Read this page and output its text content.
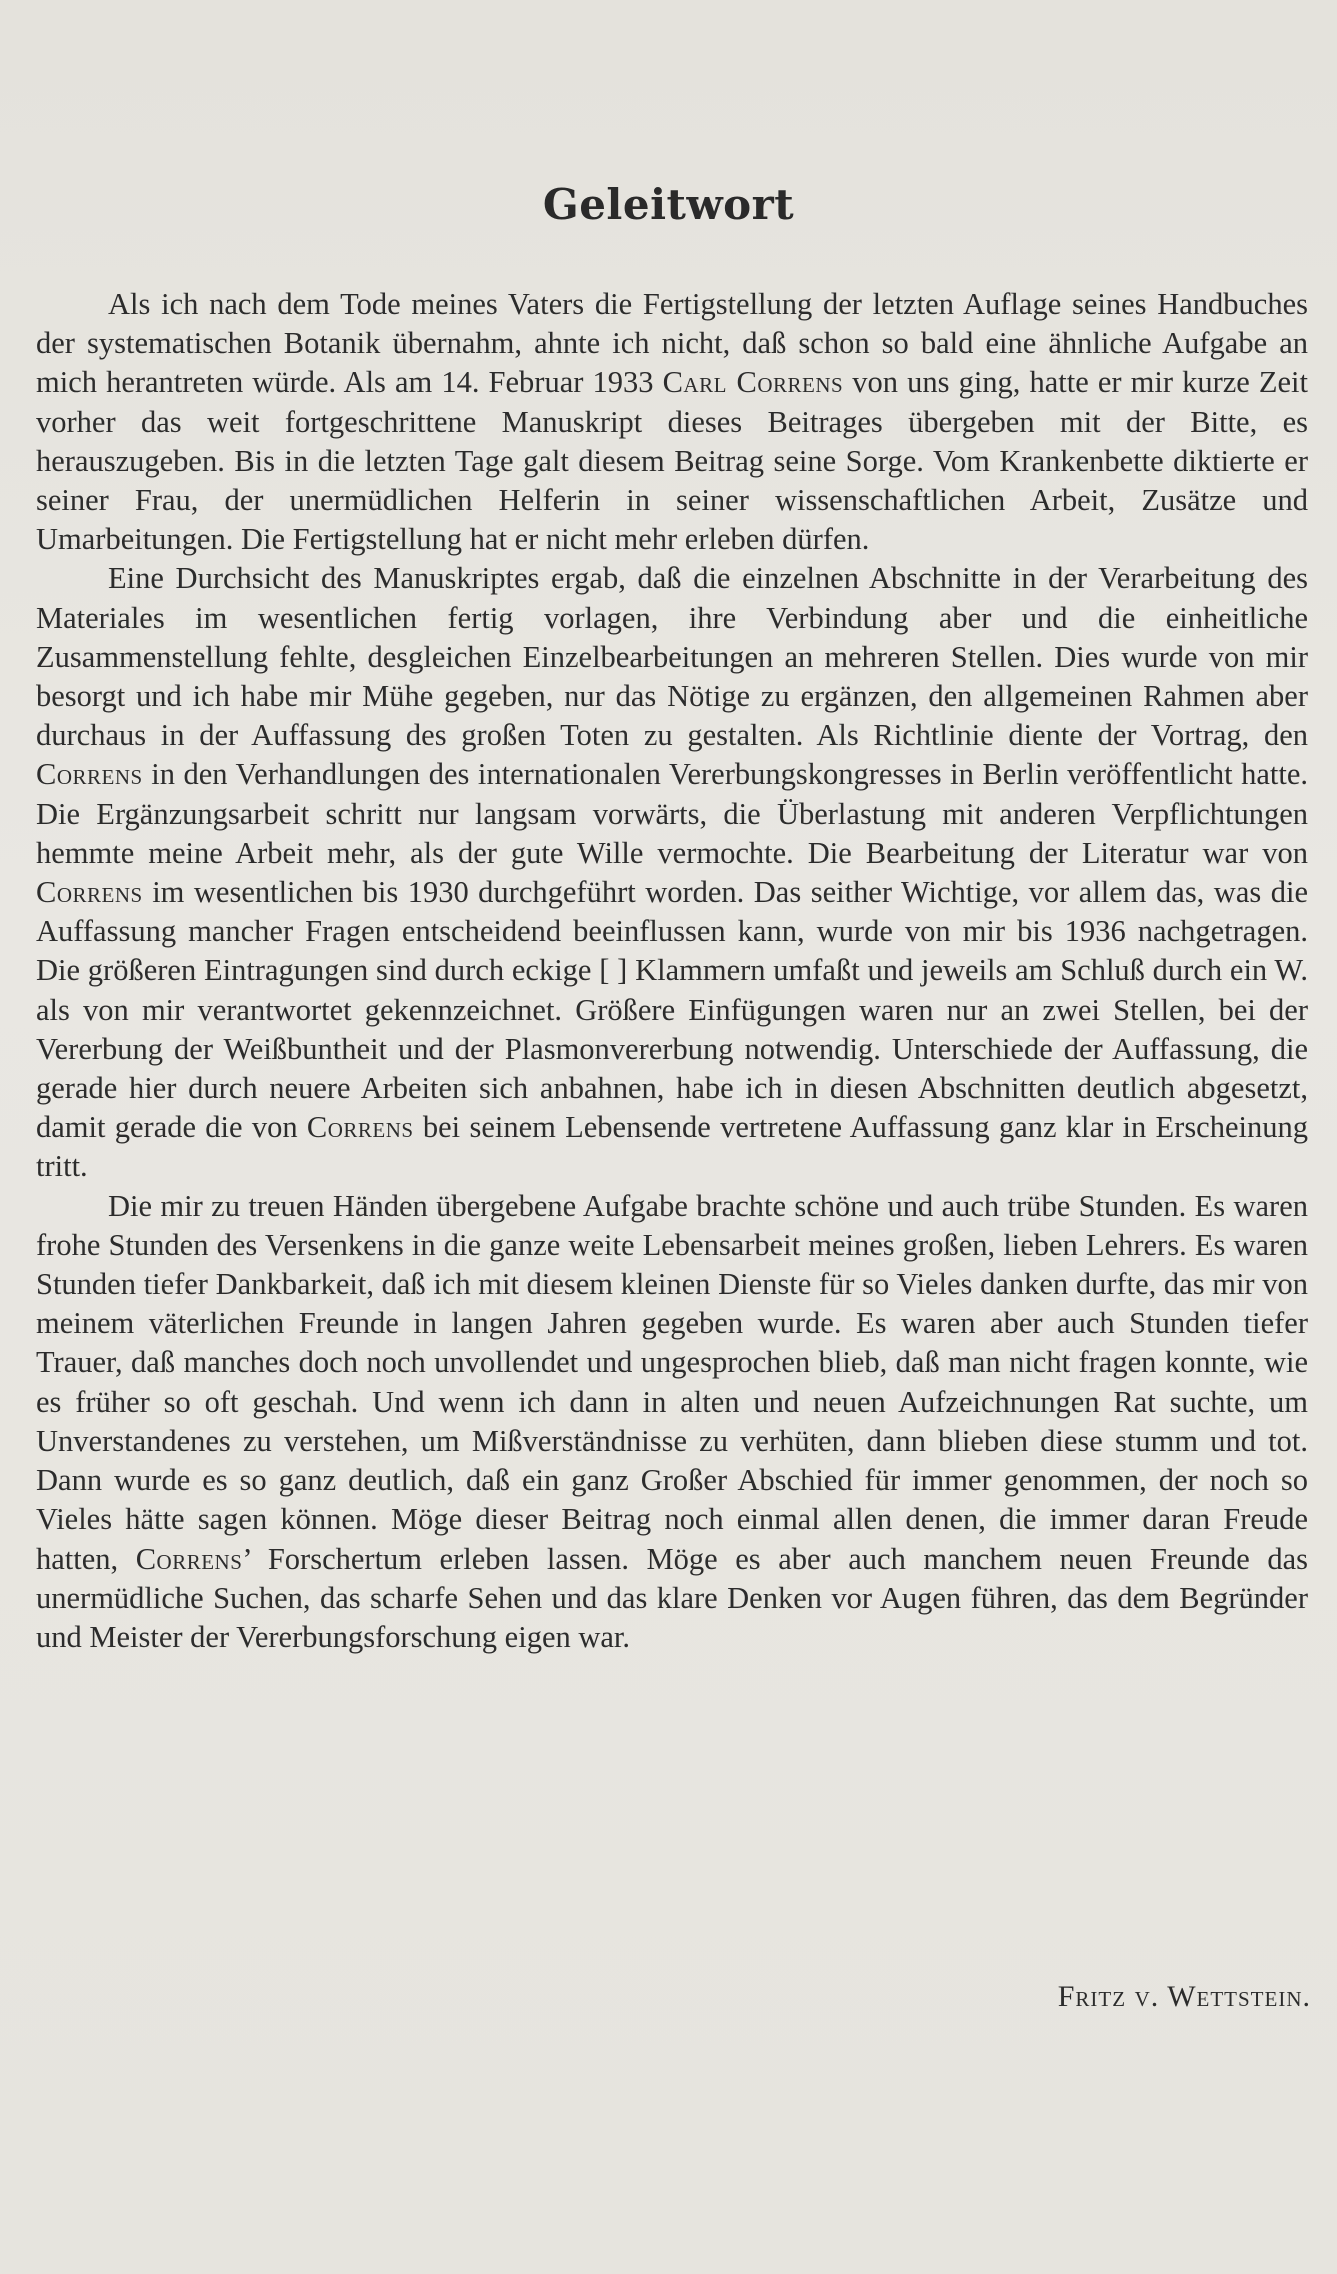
Geleitwort

Als ich nach dem Tode meines Vaters die Fertigstellung der letzten Auflage seines Handbuches der systematischen Botanik übernahm, ahnte ich nicht, daß schon so bald eine ähnliche Aufgabe an mich herantreten würde. Als am 14. Februar 1933 Carl Correns von uns ging, hatte er mir kurze Zeit vorher das weit fortgeschrittene Manuskript dieses Beitrages übergeben mit der Bitte, es herauszugeben. Bis in die letzten Tage galt diesem Beitrag seine Sorge. Vom Krankenbette diktierte er seiner Frau, der unermüdlichen Helferin in seiner wissenschaftlichen Arbeit, Zusätze und Umarbeitungen. Die Fertigstellung hat er nicht mehr erleben dürfen.

Eine Durchsicht des Manuskriptes ergab, daß die einzelnen Abschnitte in der Verarbeitung des Materiales im wesentlichen fertig vorlagen, ihre Verbindung aber und die einheitliche Zusammenstellung fehlte, desgleichen Einzelbearbeitungen an mehreren Stellen. Dies wurde von mir besorgt und ich habe mir Mühe gegeben, nur das Nötige zu ergänzen, den allgemeinen Rahmen aber durchaus in der Auffassung des großen Toten zu gestalten. Als Richtlinie diente der Vortrag, den Correns in den Verhandlungen des internationalen Vererbungskongresses in Berlin veröffentlicht hatte. Die Ergänzungsarbeit schritt nur langsam vorwärts, die Überlastung mit anderen Verpflichtungen hemmte meine Arbeit mehr, als der gute Wille vermochte. Die Bearbeitung der Literatur war von Correns im wesentlichen bis 1930 durchgeführt worden. Das seither Wichtige, vor allem das, was die Auffassung mancher Fragen entscheidend beeinflussen kann, wurde von mir bis 1936 nachgetragen. Die größeren Eintragungen sind durch eckige [ ] Klammern umfaßt und jeweils am Schluß durch ein W. als von mir verantwortet gekennzeichnet. Größere Einfügungen waren nur an zwei Stellen, bei der Vererbung der Weißbuntheit und der Plasmonvererbung notwendig. Unterschiede der Auffassung, die gerade hier durch neuere Arbeiten sich anbahnen, habe ich in diesen Abschnitten deutlich abgesetzt, damit gerade die von Correns bei seinem Lebensende vertretene Auffassung ganz klar in Erscheinung tritt.

Die mir zu treuen Händen übergebene Aufgabe brachte schöne und auch trübe Stunden. Es waren frohe Stunden des Versenkens in die ganze weite Lebensarbeit meines großen, lieben Lehrers. Es waren Stunden tiefer Dankbarkeit, daß ich mit diesem kleinen Dienste für so Vieles danken durfte, das mir von meinem väterlichen Freunde in langen Jahren gegeben wurde. Es waren aber auch Stunden tiefer Trauer, daß manches doch noch unvollendet und ungesprochen blieb, daß man nicht fragen konnte, wie es früher so oft geschah. Und wenn ich dann in alten und neuen Aufzeichnungen Rat suchte, um Unverstandenes zu verstehen, um Mißverständnisse zu verhüten, dann blieben diese stumm und tot. Dann wurde es so ganz deutlich, daß ein ganz Großer Abschied für immer genommen, der noch so Vieles hätte sagen können. Möge dieser Beitrag noch einmal allen denen, die immer daran Freude hatten, Correns’ Forschertum erleben lassen. Möge es aber auch manchem neuen Freunde das unermüdliche Suchen, das scharfe Sehen und das klare Denken vor Augen führen, das dem Begründer und Meister der Vererbungsforschung eigen war.

Fritz v. Wettstein.
